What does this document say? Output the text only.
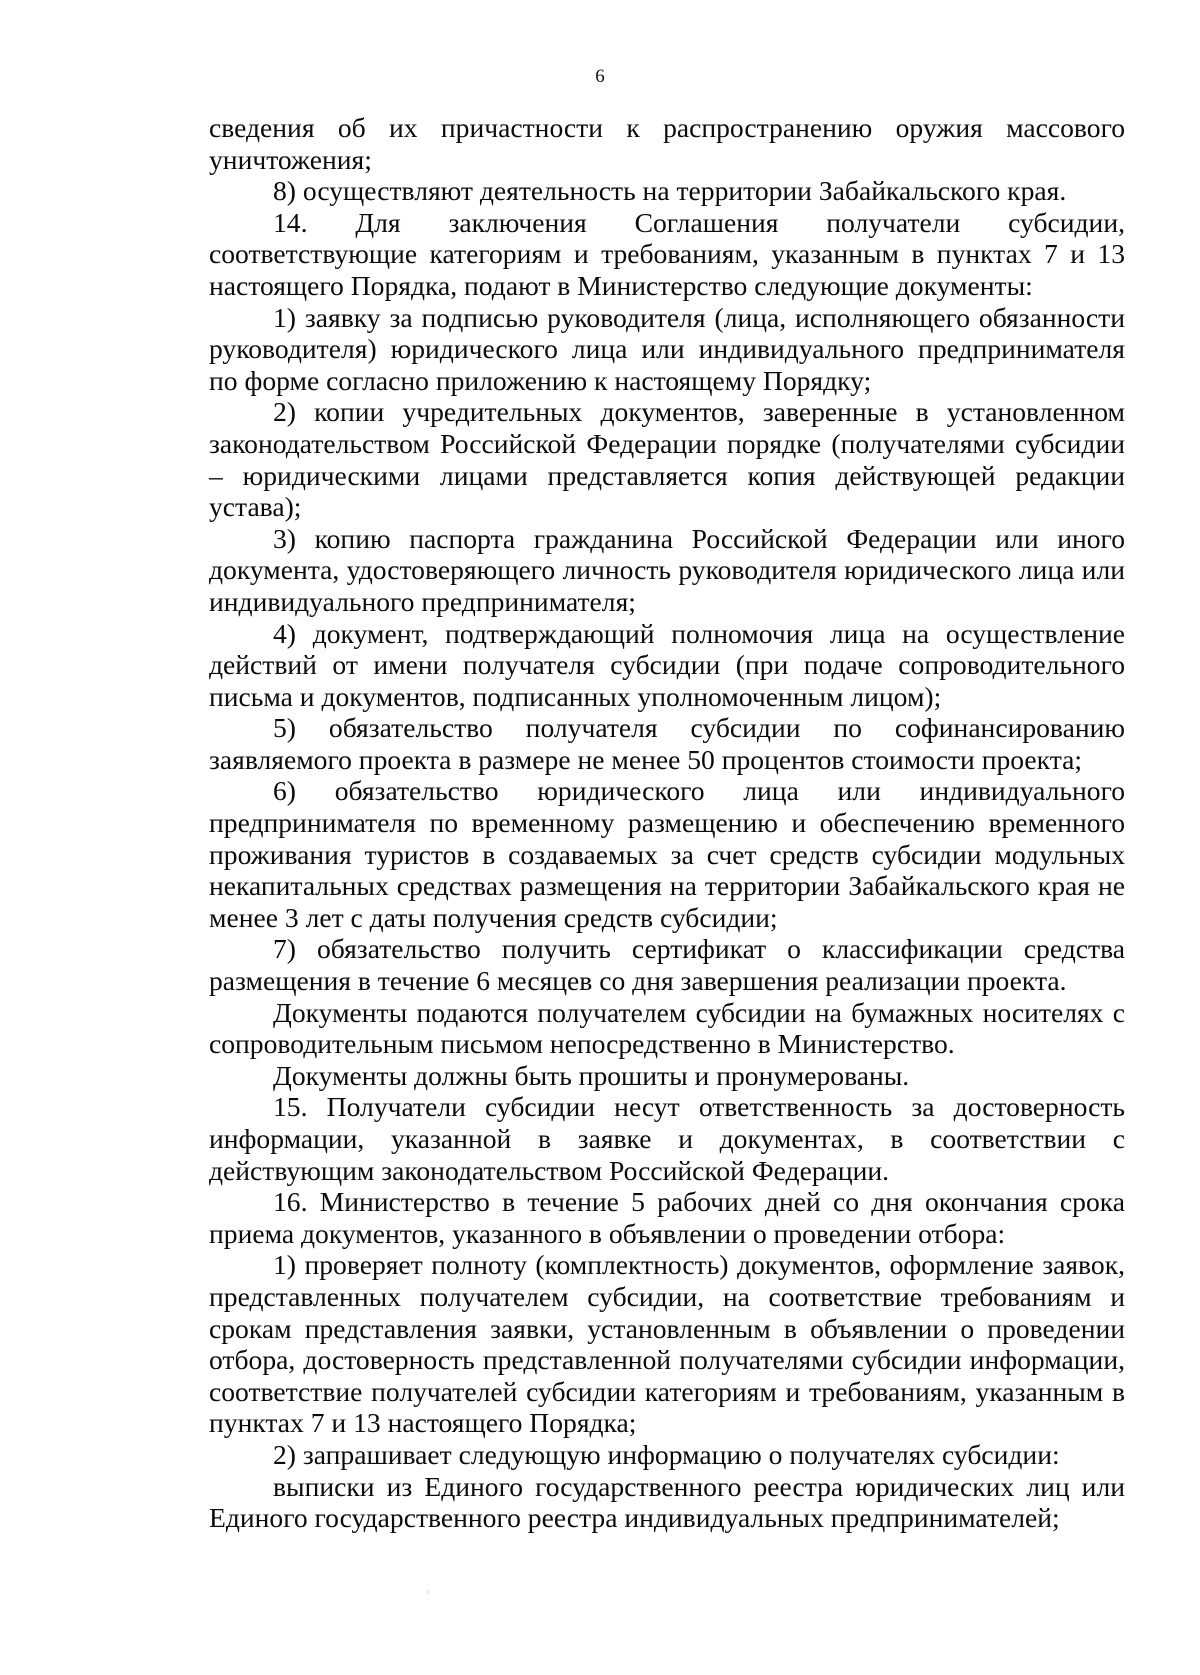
6

сведения об их причастности к распространению оружия массового уничтожения;

8) осуществляют деятельность на территории Забайкальского края.

14. Для заключения Соглашения получатели субсидии, соответствующие категориям и требованиям, указанным в пунктах 7 и 13 настоящего Порядка, подают в Министерство следующие документы:

1) заявку за подписью руководителя (лица, исполняющего обязанности руководителя) юридического лица или индивидуального предпринимателя по форме согласно приложению к настоящему Порядку;

2) копии учредительных документов, заверенные в установленном законодательством Российской Федерации порядке (получателями субсидии – юридическими лицами представляется копия действующей редакции устава);

3) копию паспорта гражданина Российской Федерации или иного документа, удостоверяющего личность руководителя юридического лица или индивидуального предпринимателя;

4) документ, подтверждающий полномочия лица на осуществление действий от имени получателя субсидии (при подаче сопроводительного письма и документов, подписанных уполномоченным лицом);

5) обязательство получателя субсидии по софинансированию заявляемого проекта в размере не менее 50 процентов стоимости проекта;

6) обязательство юридического лица или индивидуального предпринимателя по временному размещению и обеспечению временного проживания туристов в создаваемых за счет средств субсидии модульных некапитальных средствах размещения на территории Забайкальского края не менее 3 лет с даты получения средств субсидии;

7) обязательство получить сертификат о классификации средства размещения в течение 6 месяцев со дня завершения реализации проекта.

Документы подаются получателем субсидии на бумажных носителях с сопроводительным письмом непосредственно в Министерство.

Документы должны быть прошиты и пронумерованы.

15. Получатели субсидии несут ответственность за достоверность информации, указанной в заявке и документах, в соответствии с действующим законодательством Российской Федерации.

16. Министерство в течение 5 рабочих дней со дня окончания срока приема документов, указанного в объявлении о проведении отбора:

1) проверяет полноту (комплектность) документов, оформление заявок, представленных получателем субсидии, на соответствие требованиям и срокам представления заявки, установленным в объявлении о проведении отбора, достоверность представленной получателями субсидии информации, соответствие получателей субсидии категориям и требованиям, указанным в пунктах 7 и 13 настоящего Порядка;

2) запрашивает следующую информацию о получателях субсидии:

выписки из Единого государственного реестра юридических лиц или Единого государственного реестра индивидуальных предпринимателей;
